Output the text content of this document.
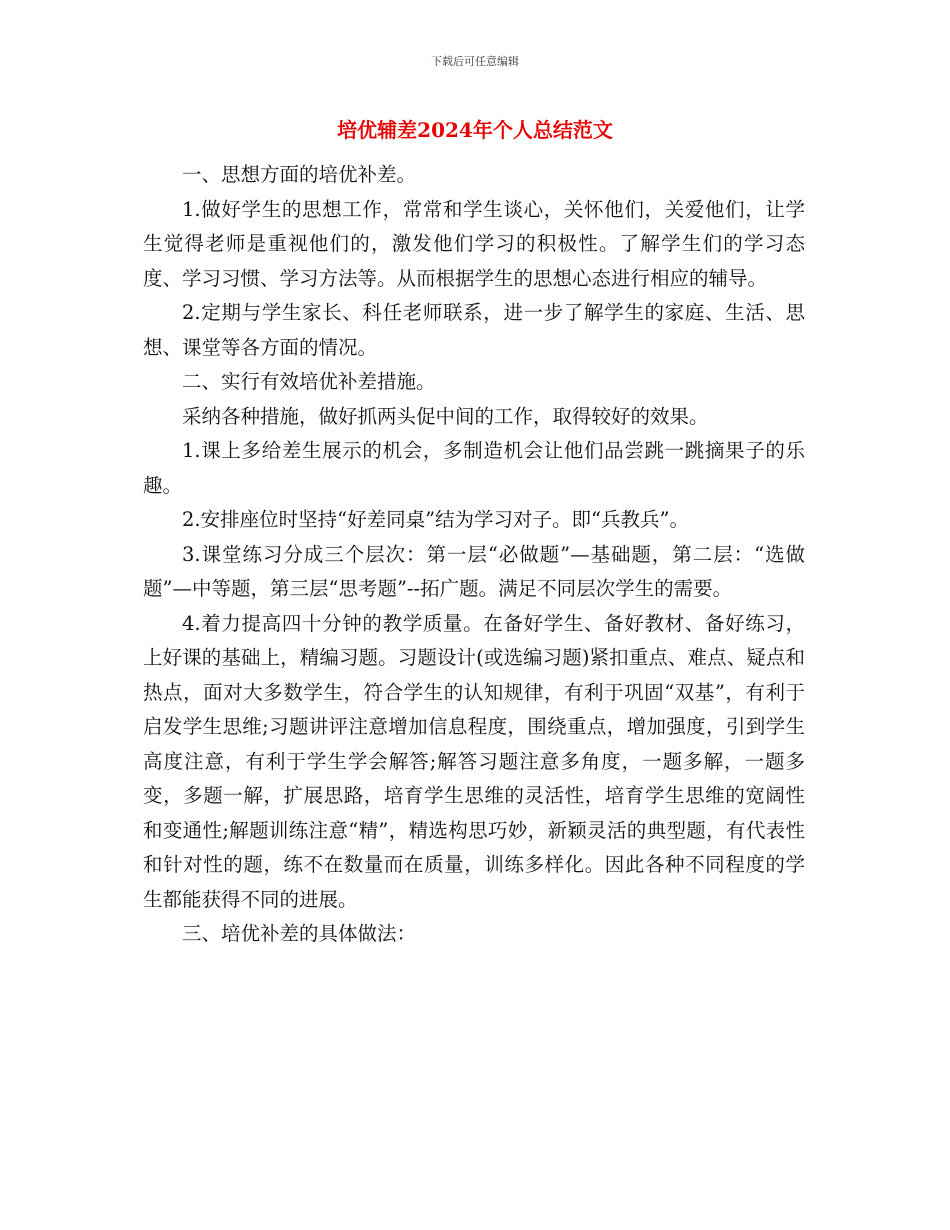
下载后可任意编辑
培优辅差2024年个人总结范文

一、思想方面的培优补差。

1.做好学生的思想工作，常常和学生谈心，关怀他们，关爱他们，让学生觉得老师是重视他们的，激发他们学习的积极性。了解学生们的学习态度、学习习惯、学习方法等。从而根据学生的思想心态进行相应的辅导。

2.定期与学生家长、科任老师联系，进一步了解学生的家庭、生活、思想、课堂等各方面的情况。

二、实行有效培优补差措施。

采纳各种措施，做好抓两头促中间的工作，取得较好的效果。

1.课上多给差生展示的机会，多制造机会让他们品尝跳一跳摘果子的乐趣。

2.安排座位时坚持“好差同桌”结为学习对子。即“兵教兵”。

3.课堂练习分成三个层次：第一层“必做题”—基础题，第二层：“选做题”—中等题，第三层“思考题”--拓广题。满足不同层次学生的需要。

4.着力提高四十分钟的教学质量。在备好学生、备好教材、备好练习，上好课的基础上，精编习题。习题设计(或选编习题)紧扣重点、难点、疑点和热点，面对大多数学生，符合学生的认知规律，有利于巩固“双基”，有利于启发学生思维;习题讲评注意增加信息程度，围绕重点，增加强度，引到学生高度注意，有利于学生学会解答;解答习题注意多角度，一题多解，一题多变，多题一解，扩展思路，培育学生思维的灵活性，培育学生思维的宽阔性和变通性;解题训练注意“精”，精选构思巧妙，新颖灵活的典型题，有代表性和针对性的题，练不在数量而在质量，训练多样化。因此各种不同程度的学生都能获得不同的进展。

三、培优补差的具体做法：
